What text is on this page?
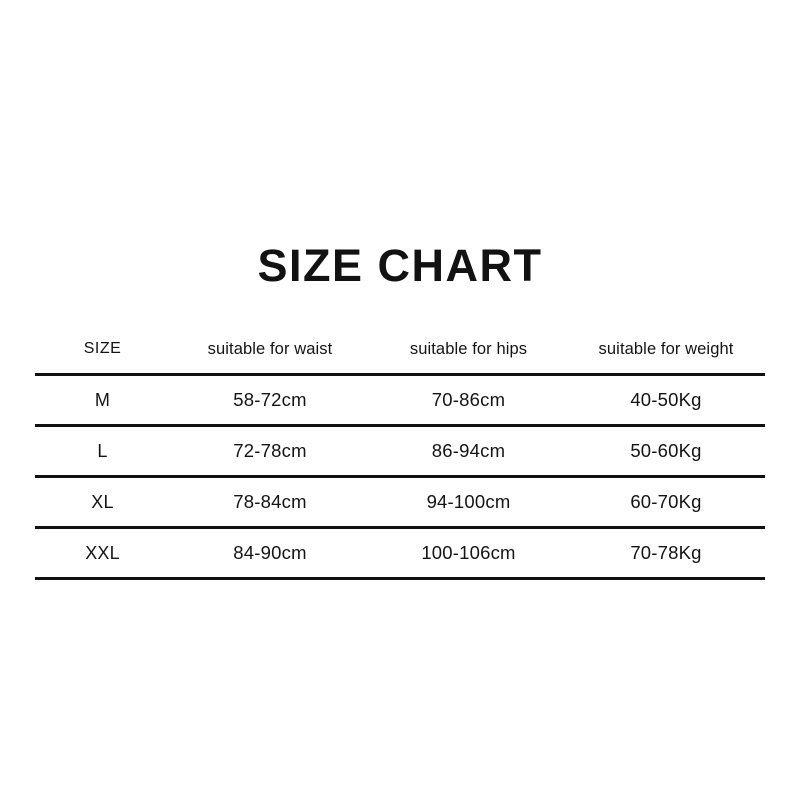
SIZE CHART
SIZE	suitable for waist	suitable for hips	suitable for weight
M	58-72cm	70-86cm	40-50Kg
L	72-78cm	86-94cm	50-60Kg
XL	78-84cm	94-100cm	60-70Kg
XXL	84-90cm	100-106cm	70-78Kg
